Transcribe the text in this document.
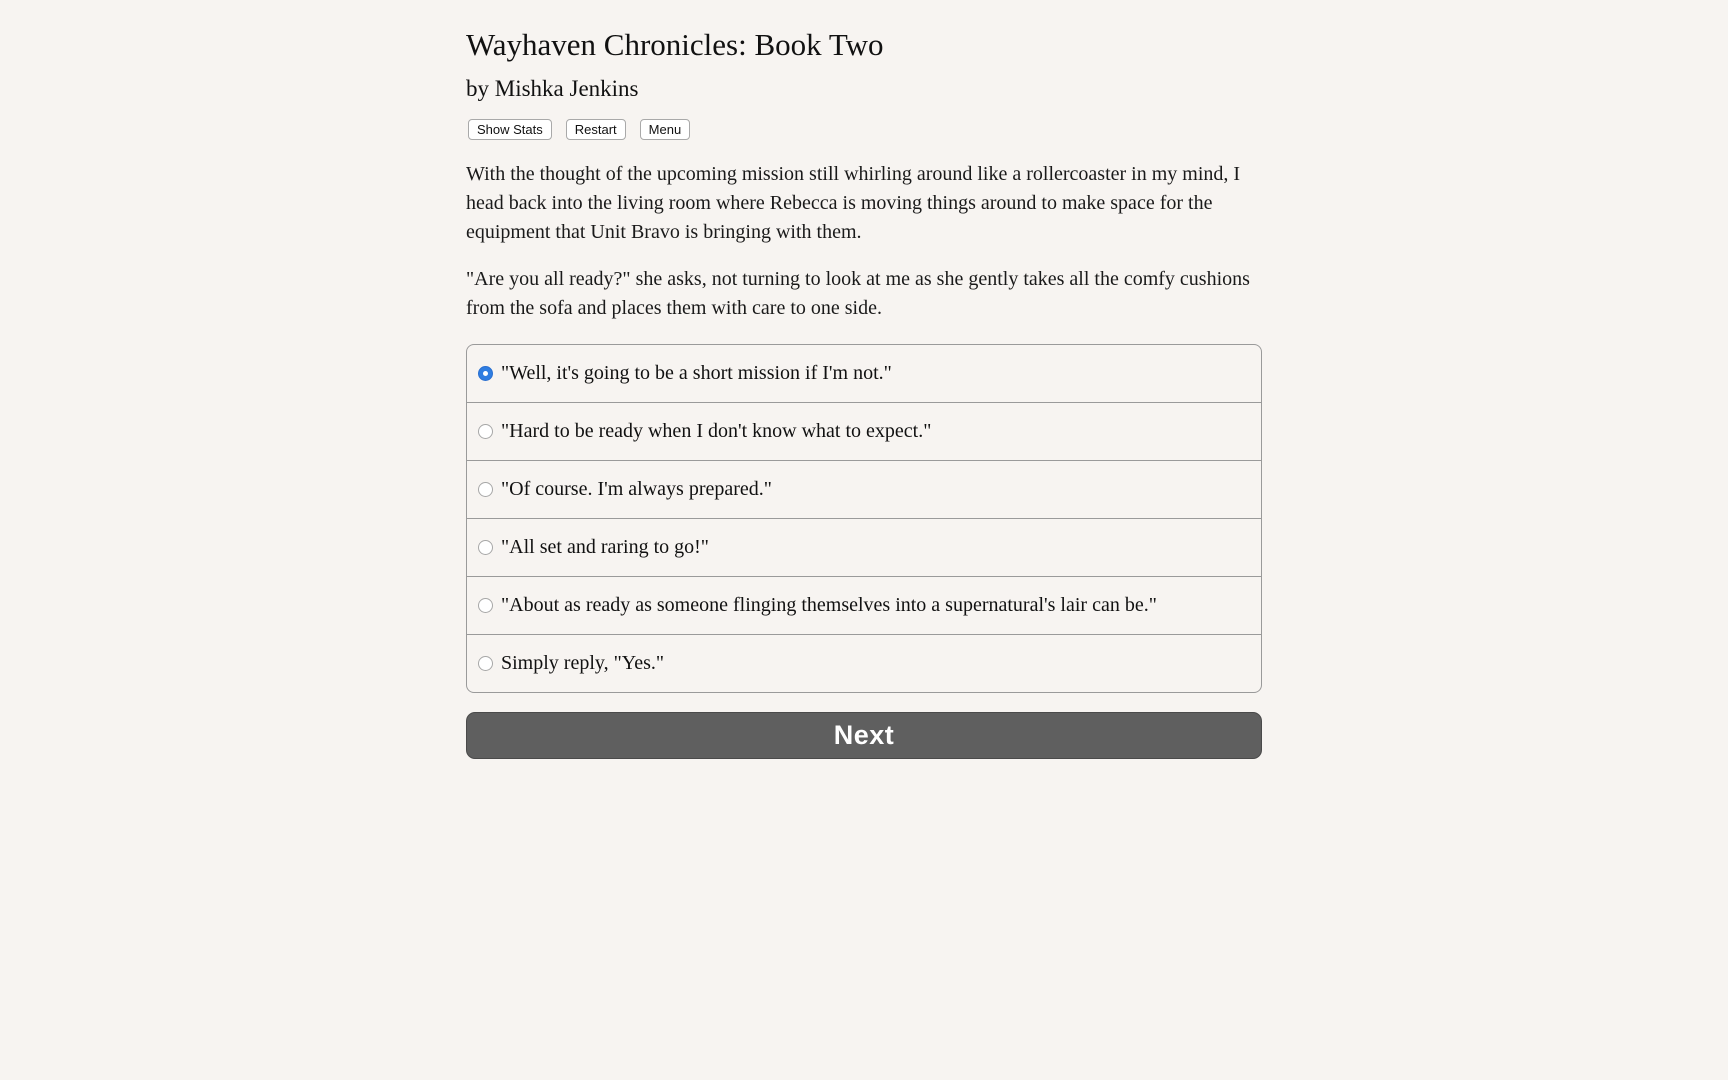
Wayhaven Chronicles: Book Two
by Mishka Jenkins
Show Stats	Restart	Menu

With the thought of the upcoming mission still whirling around like a rollercoaster in my mind, I head back into the living room where Rebecca is moving things around to make space for the equipment that Unit Bravo is bringing with them.

"Are you all ready?" she asks, not turning to look at me as she gently takes all the comfy cushions from the sofa and places them with care to one side.

"Well, it's going to be a short mission if I'm not."
"Hard to be ready when I don't know what to expect."
"Of course. I'm always prepared."
"All set and raring to go!"
"About as ready as someone flinging themselves into a supernatural's lair can be."
Simply reply, "Yes."
Next
